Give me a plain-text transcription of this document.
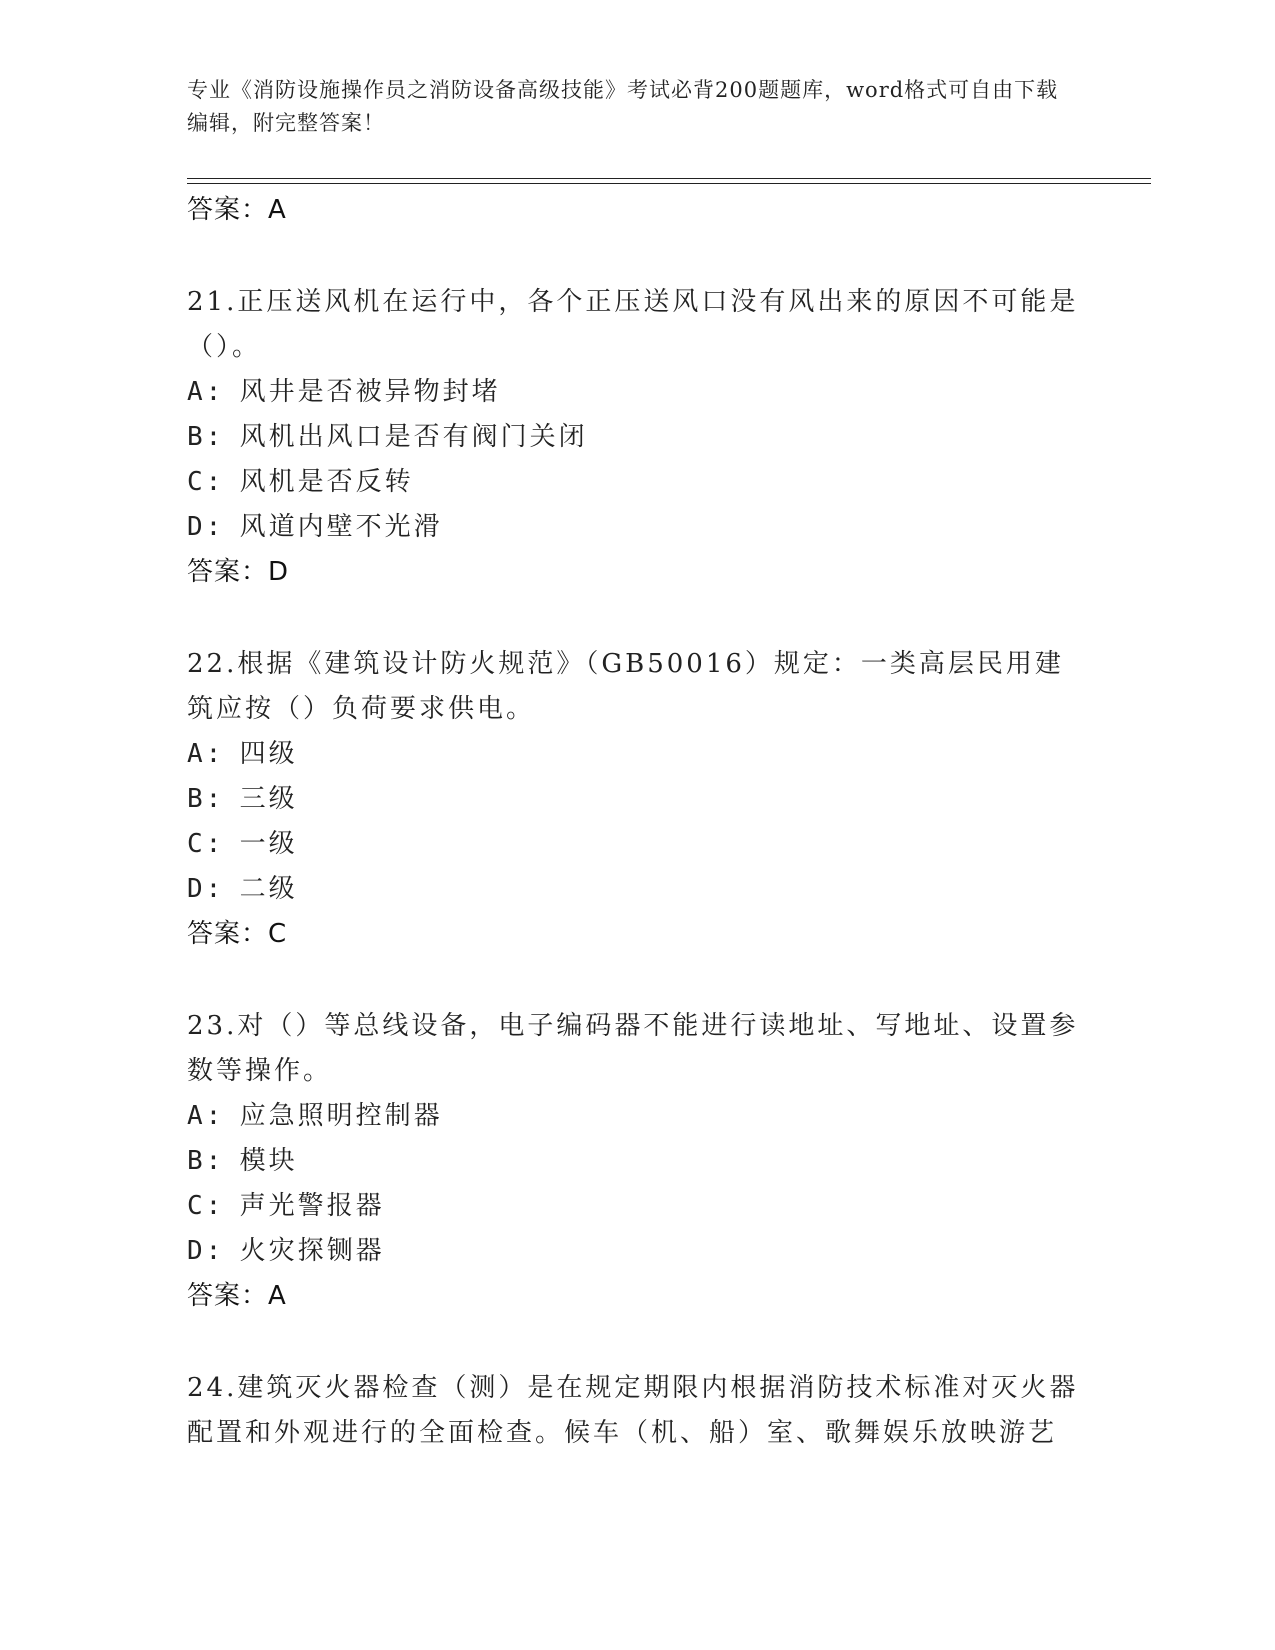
专业《消防设施操作员之消防设备高级技能》考试必背200题题库，word格式可自由下载编辑，附完整答案！
答案：A
21.正压送风机在运行中，各个正压送风口没有风出来的原因不可能是（）。
A: 风井是否被异物封堵
B: 风机出风口是否有阀门关闭
C: 风机是否反转
D: 风道内壁不光滑
答案：D
22.根据《建筑设计防火规范》（GB50016）规定：一类高层民用建筑应按（）负荷要求供电。
A: 四级
B: 三级
C: 一级
D: 二级
答案：C
23.对（）等总线设备，电子编码器不能进行读地址、写地址、设置参数等操作。
A: 应急照明控制器
B: 模块
C: 声光警报器
D: 火灾探铡器
答案：A
24.建筑灭火器检查（测）是在规定期限内根据消防技术标准对灭火器配置和外观进行的全面检查。候车（机、船）室、歌舞娱乐放映游艺
